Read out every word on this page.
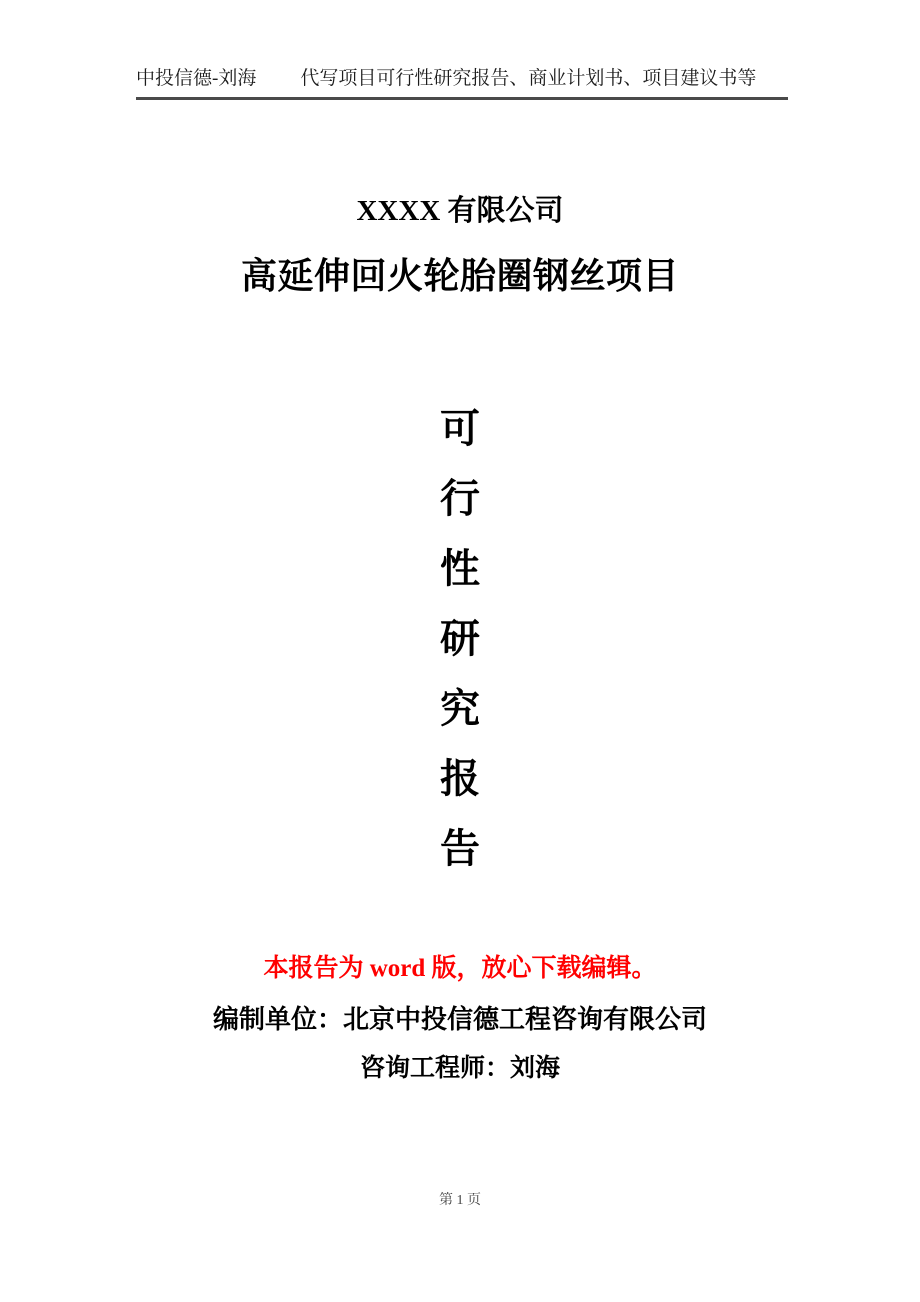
中投信德-刘海 代写项目可行性研究报告、商业计划书、项目建议书等
XXXX 有限公司
高延伸回火轮胎圈钢丝项目
可
行
性
研
究
报
告
本报告为 word 版，放心下载编辑。
编制单位：北京中投信德工程咨询有限公司
咨询工程师：刘海
第 1 页
